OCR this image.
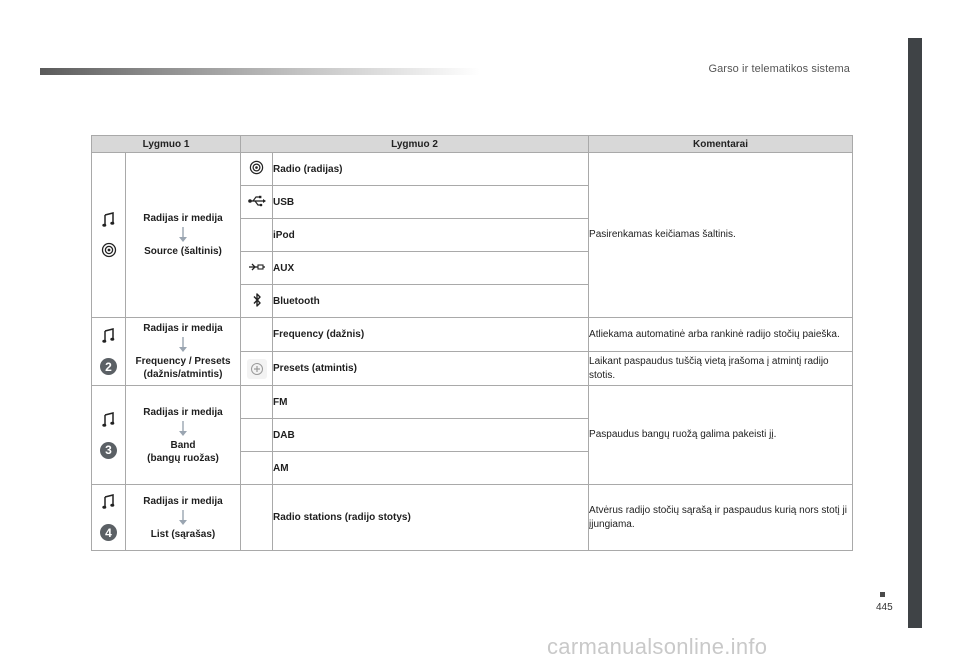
Garso ir telematikos sistema
Lygmuo 1		Lygmuo 2		Komentarai

Radijas ir medija
Source (šaltinis)		Radio (radijas)	Pasirenkamas keičiamas šaltinis.
	USB	
			iPod	
	AUX	
	Bluetooth	

2	Radijas ir medija
Frequency / Presets (dažnis/atmintis)		Frequency (dažnis)	Atliekama automatinė arba rankinė radijo stočių paieška.

	Presets (atmintis)	Laikant paspaudus tuščią vietą įrašoma į atmintį radijo stotis.

3	Radijas ir medija
Band
(bangų ruožas)		FM	Paspaudus bangų ruožą galima pakeisti jį.
			DAB	
			AM	

4	Radijas ir medija
List (sąrašas)		Radio stations (radijo stotys)	Atvėrus radijo stočių sąrašą ir paspaudus kurią nors stotį ji įjungiama.
445
carmanualsonline.info
